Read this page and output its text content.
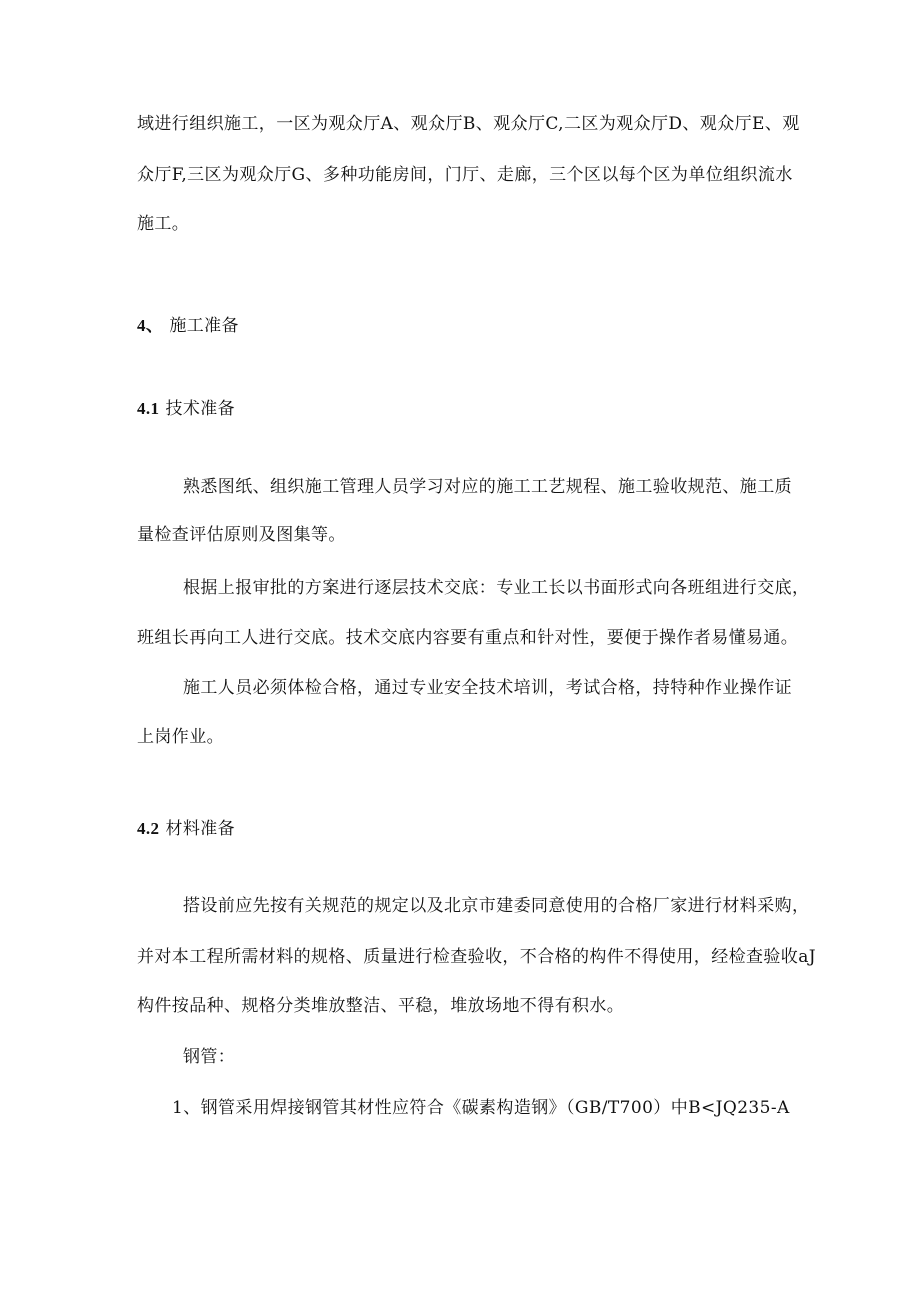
域进行组织施工，一区为观众厅A、观众厅B、观众厅C,二区为观众厅D、观众厅E、观
众厅F,三区为观众厅G、多种功能房间，门厅、走廊，三个区以每个区为单位组织流水
施工。
4、 施工准备
4.1 技术准备
熟悉图纸、组织施工管理人员学习对应的施工工艺规程、施工验收规范、施工质
量检查评估原则及图集等。
根据上报审批的方案进行逐层技术交底：专业工长以书面形式向各班组进行交底，
班组长再向工人进行交底。技术交底内容要有重点和针对性，要便于操作者易懂易通。
施工人员必须体检合格，通过专业安全技术培训，考试合格，持特种作业操作证
上岗作业。
4.2 材料准备
搭设前应先按有关规范的规定以及北京市建委同意使用的合格厂家进行材料采购，
并对本工程所需材料的规格、质量进行检查验收，不合格的构件不得使用，经检查验收aJ
构件按品种、规格分类堆放整洁、平稳，堆放场地不得有积水。
钢管：
1、钢管采用焊接钢管其材性应符合《碳素构造钢》（GB/T700）中B<JQ235-A
